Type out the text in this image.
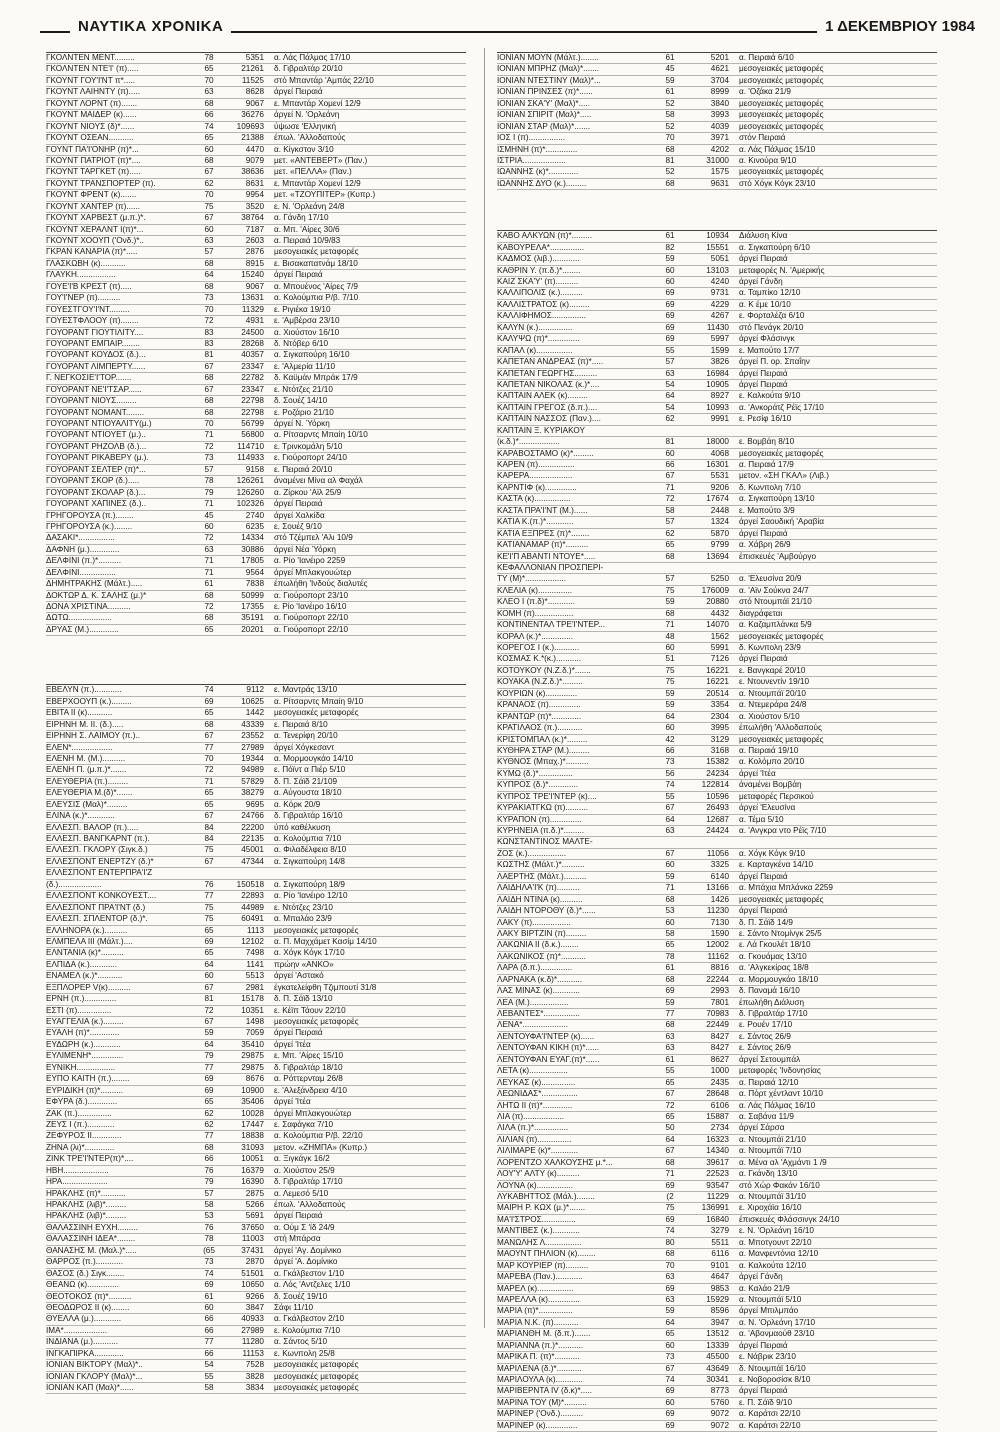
ΝΑΥΤΙΚΑ ΧΡΟΝΙΚΑ	1 ΔΕΚΕΜΒΡΙΟΥ 1984
ΓΚΟΛΝΤΕΝ ΜΕΝΤ.........	78	5351	α. Λάς Πάλμας 17/10
ΓΚΟΛΝΤΕΝ ΝΤΕ'Ι' (π).....	65	21261	δ. Γιβραλτάρ 20/10
ΓΚΟΥΝΤ ΓΟΥ'Ι'ΝΤ π*.....	70	11525	στό Μπαντάρ 'Αμπάς 22/10
ΓΚΟΥΝΤ ΛΑΙΗΝΤΥ (π).....	63	8628	άργεί Πειραιά
ΓΚΟΥΝΤ ΛΟΡΝΤ (π).......	68	9067	ε. Μπαντάρ Χομενί 12/9
ΓΚΟΥΝΤ ΜΑΙΔΕΡ (κ)......	66	36276	άργεί Ν. 'Ορλεάνη
ΓΚΟΥΝΤ ΝΙΟΥΣ (δ)*......	74	109693	ύψωσε 'Ελληνική
ΓΚΟΥΝΤ ΟΣΕΑΝ...........	65	21388	έπωλ. 'Αλλοδαπούς
ΓΟΥΝΤ ΠΑ'Ι'ΟΝΗΡ (π)*...	60	4470	α. Κίγκστον 3/10
ΓΚΟΥΝΤ ΠΑΤΡΙΟΤ (π)*....	68	9079	μετ. «ΑΝΤΕΒΕΡΤ» (Παν.)
ΓΚΟΥΝΤ ΤΑΡΓΚΕΤ (π).....	67	38636	μετ. «ΠΕΛΛΑ» (Παν.)
ΓΚΟΥΝΤ ΤΡΑΝΣΠΟΡΤΕΡ (π).	62	8631	ε. Μπαντάρ Χομενί 12/9
ΓΚΟΥΝΤ ΦΡΕΝΤ (κ).......	70	9954	μετ. «ΤΖΟΥΠΙΤΕΡ» (Κυπρ.)
ΓΚΟΥΝΤ ΧΑΝΤΕΡ (π)......	75	3520	ε. Ν. 'Ορλεάνη 24/8
ΓΚΟΥΝΤ ΧΑΡΒΕΣΤ (μ.π.)*.	67	38764	α. Γάνδη 17/10
ΓΚΟΥΝΤ ΧΕΡΑΛΝΤ Ι(π)*...	60	7187	α. Μπ. 'Αίρες 30/6
ΓΚΟΥΝΤ ΧΟΟΥΠ ('Ονδ.)*..	63	2603	α. Πειραιά 10/9/83
ΓΚΡΑΝ ΚΑΝΑΡΙΑ (π)*.....	57	2876	μεσογειακές μεταφορές
ΓΛΑΣΚΩΒΗ (κ)...........	68	8915	ε. Βισακαπατνάμ 18/10
ΓΛΑΥΚΗ.................	64	15240	άργεί Πειραιά
ΓΟΥΕ'Ι'Β ΚΡΕΣΤ (π).....	68	9067	α. Μπουένος 'Αίρες 7/9
ΓΟΥ'Ι'ΝΕΡ (π)..........	73	13631	α. Κολούμπια Ρ/β. 7/10
ΓΟΥΕΣΤΓΟΥ'Ι'ΝΤ.........	70	11329	ε. Ριγιέκα 19/10
ΓΟΥΕΣΤΦΛΟΟΥ (π)........	72	4931	ε. 'Αμβέρσα 23/10
ΓΟΥΟΡΑΝΤ ΓΙΟΥΤΙΛΙΤΥ....	83	24500	α. Χιούστον 16/10
ΓΟΥΟΡΑΝΤ ΕΜΠΑΙΡ........	83	28268	δ. Ντόβερ 6/10
ΓΟΥΟΡΑΝΤ ΚΟΥΔΟΣ (δ.)...	81	40357	α. Σιγκαπούρη 16/10
ΓΟΥΟΡΑΝΤ ΛΙΜΠΕΡΤΥ......	67	23347	ε. 'Αλμερία 11/10
Γ. ΝΕΓΚΟΣΙΕ'Ι'ΤΟΡ.......	68	22782	δ. Καϋμάν Μπράκ 17/9
ΓΟΥΟΡΑΝΤ ΝΕ'Ι'ΤΣΑΡ......	67	23347	ε. Ντότζες 21/10
ΓΟΥΟΡΑΝΤ ΝΙΟΥΣ.........	68	22798	δ. Σουέζ 14/10
ΓΟΥΟΡΑΝΤ ΝΟΜΑΝΤ........	68	22798	ε. Ροζάριο 21/10
ΓΟΥΟΡΑΝΤ ΝΤΙΟΥΑΛΙΤΥ(μ.)	70	56799	άργεί Ν. Ύόρκη
ΓΟΥΟΡΑΝΤ ΝΤΙΟΥΕΤ (μ.)..	71	56800	α. Ρίτσαρντς Μπαίη 10/10
ΓΟΥΟΡΑΝΤ ΡΗΖΟΛΒ (δ.)...	72	114710	ε. Τρινκομάλη 5/10
ΓΟΥΟΡΑΝΤ ΡΙΚΑΒΕΡΥ (μ.).	73	114933	ε. Γιούροπορτ 24/10
ΓΟΥΟΡΑΝΤ ΣΕΛΤΕΡ (π)*...	57	9158	ε. Πειραιά 20/10
ΓΟΥΟΡΑΝΤ ΣΚΟΡ (δ.).....	78	126261	άναμένει Μίνα αλ Φαχάλ
ΓΟΥΟΡΑΝΤ ΣΚΟΛΑΡ (δ.)...	79	126260	α. Ζίρκου 'Αϊλ 25/9
ΓΟΥΟΡΑΝΤ ΧΑΠΙΝΕΣ (δ.)..	71	102326	άργεί Πειραιά
ΓΡΗΓΟΡΟΥΣΑ (π.)........	45	2740	άργεί Χαλκίδα
ΓΡΗΓΟΡΟΥΣΑ (κ.)........	60	6235	ε. Σουέζ 9/10
ΔΑΣΑΚΙ*................	72	14334	στό Τζέμπελ 'Αλι 10/9
ΔΑΦΝΗ (μ.).............	63	30886	άργεί Νέα Ύόρκη
ΔΕΛΦΙΝΙ (π.)*..........	71	17805	α. Ρίο 'Ιανέιρο 2259
ΔΕΛΦΙΝΙ................	71	9564	άργεί Μπλακγουώτερ
ΔΗΜΗΤΡΑΚΗΣ (Μάλτ.).....	61	7838	έπωλήθη 'Ινδούς διαλυτές
ΔΟΚΤΩΡ Δ. Κ. ΣΑΛΗΣ (μ.)*	68	50999	α. Γιούροπορτ 23/10
ΔΟΝΑ ΧΡΙΣΤΙΝΑ..........	72	17355	ε. Ρίο 'Ιανέιρο 16/10
ΔΩΤΩ...................	68	35191	α. Γιούροπορτ 22/10
ΔΡΥΑΣ (Μ.).............	65	20201	α. Γιούροπορτ 22/10
ΕΒΕΛΥΝ (π.)............	74	9112	ε. Μαντράς 13/10
ΕΒΕΡΧΟΟΥΠ (κ.).........	69	10625	α. Ρίτσαρντς Μπαίη 9/10
ΕΒΙΤΑ ΙΙ (κ)...........	65	1442	μεσογειακές μεταφορές
ΕΙΡΗΝΗ Μ. ΙΙ. (δ.).....	68	43339	ε. Πειραιά 8/10
ΕΙΡΗΝΗ Σ. ΛΑΙΜΟΥ (π.)..	67	23552	α. Τενερίφη 20/10
ΕΛΕΝ*..................	77	27989	άργεί Χόγκεσαντ
ΕΛΕΝΗ Μ. (Μ.)..........	70	19344	α. Μορμουγκάο 14/10
ΕΛΕΝΗ Π. (μ.π.)*.......	72	94989	ε. Πόϊντ α Πιέρ 5/10
ΕΛΕΥΘΕΡΙΑ (π.).........	71	57829	δ. Π. Σάϊδ 21/109
ΕΛΕΥΘΕΡΙΑ Μ.(δ)*.......	65	38279	α. Αύγουστα 18/10
ΕΛΕΥΣΙΣ (Μαλ)*.........	65	9695	α. Κόρκ 20/9
ΕΛΙΝΑ (κ.)*............	67	24766	δ. Γιβραλτάρ 16/10
ΕΛΛΕΣΠ. ΒΑΛΟΡ (π.).....	84	22200	ύπό καθέλκυση
ΕΛΛΕΣΠ. ΒΑΝΓΚΑΡΝΤ (π.).	84	22135	α. Κολούμπια 7/10
ΕΛΛΕΣΠ. ΓΚΛΟΡΥ (Σιγκ.δ.)	75	45001	α. Φιλαδέλφεια 8/10
ΕΛΛΕΣΠΟΝΤ ΕΝΕΡΤΖΥ (δ.)*	67	47344	α. Σιγκαπούρη 14/8
ΕΛΛΕΣΠΟΝΤ ΕΝΤΕΡΠΡΑ'Ι'Ζ
(δ.)...................	76	150518	α. Σιγκαπούρη 18/9
ΕΛΛΕΣΠΟΝΤ ΚΟΝΚΟΥΕΣΤ....	77	22893	α. Ρίο 'Ιανέιρο 12/10
ΕΛΛΕΣΠΟΝΤ ΠΡΑ'Ι'ΝΤ (δ.)	75	44989	ε. Ντότζες 23/10
ΕΛΛΕΣΠ. ΣΠΛΕΝΤΟΡ (δ.)*.	75	60491	α. Μπαλάο 23/9
ΕΛΛΗΝΟΡΑ (κ.)..........	65	1113	μεσογειακές μεταφορές
ΕΛΜΠΕΛΑ ΙΙΙ (Μάλτ.)....	69	12102	α. Π. Μαχχάμετ Κασίμ 14/10
ΕΛΝΤΑΝΙΑ (κ)*..........	65	7498	α. Χόγκ Κόγκ 17/10
ΕΛΠΙΔΑ (κ.)............	64	1141	πρώην «ΑΝΚΟ»
ΕΝΑΜΕΛ (κ.)*...........	60	5513	άργεί 'Αστακό
ΕΞΠΛΟΡΕΡ V(κ)..........	67	2981	έγκατελείφθη Τζιμπουτί 31/8
ΕΡΝΗ (π.)..............	81	15178	δ. Π. Σάϊδ 13/10
ΕΣΤΙ (π)...............	72	10351	ε. Κέϊπ Τάουν 22/10
ΕΥΑΓΓΕΛΙΑ (κ.).........	67	1498	μεσογειακές μεταφορές
ΕΥΑΛΗ (π)*.............	59	7059	άργεί Πειραιά
ΕΥΔΩΡΗ (κ.)............	64	35410	άργεί 'Ιτέα
ΕΥΛΙΜΕΝΗ*..............	79	29875	ε. Μπ. 'Αίρες 15/10
ΕΥΝΙΚΗ.................	77	29875	δ. Γιβραλτάρ 18/10
ΕΥΠΟ ΚΑΙΤΗ (π.)........	69	8676	α. Ρόττερνταμ 26/8
ΕΥΡΙΔΙΚΗ (π)*..........	69	10900	ε. 'Αλεξάνδρεια 4/10
ΕΦΥΡΑ (δ.).............	65	35406	άργεί 'Ιτέα
ΖΑΚ (π.)...............	62	10028	άργεί Μπλακγουώτερ
ΖΕΥΣ Ι (π.)............	62	17447	ε. Σαφάγκα 7/10
ΖΕΦΥΡΟΣ ΙΙ.............	77	18838	α. Κολούμπια Ρ/β. 22/10
ΖΗΝΑ (λι)*.............	68	31093	μετον. «ΖΗΜΠΑ» (Κυπρ.)
ΖΙΝΚ ΤΡΕ'Ι'ΝΤΕΡ(π)*....	66	10051	α. Ξιγκάγκ 16/2
ΗΒΗ....................	76	16379	α. Χιούστον 25/9
ΗΡΑ....................	79	16390	δ. Γιβραλτάρ 17/10
ΗΡΑΚΛΗΣ (π)*...........	57	2875	α. Λεμεσό 5/10
ΗΡΑΚΛΗΣ (λιβ)*.........	58	5266	έπωλ. 'Αλλοδαπούς
ΗΡΑΚΛΗΣ (λιβ)*.........	53	5691	άργεί Πειραιά
ΘΑΛΑΣΣΙΝΗ ΕΥΧΗ.........	76	37650	α. Ούμ Σ 'ίδ 24/9
ΘΑΛΑΣΣΙΝΗ ΙΔΕΑ*........	78	11003	στή Μπάρσα
ΘΑΝΑΣΗΣ Μ. (Μαλ.)*.....	(65	37431	άργεί 'Αγ. Δομίνικο
ΘΑΡΡΟΣ (π.)............	73	2870	άργεί 'Α. Δομίνικο
ΘΑΣΟΣ (δ.) Σιγκ........	74	51501	α. Γκάλβεστον 1/10
ΘΕΑΝΩ (κ)..............	69	10650	α. Λός 'Αντζελες 1/10
ΘΕΟΤΟΚΟΣ (π)*..........	61	9266	δ. Σουέζ 19/10
ΘΕΟΔΩΡΟΣ ΙΙ (κ)........	60	3847	Σάφι 11/10
ΘΥΕΛΛΑ (μ.)............	66	40933	α. Γκάλβεστον 2/10
ΙΜΑ*...................	66	27989	ε. Κολούμπια 7/10
ΙΝΔΙΑΝΑ (μ.)...........	77	11280	α. Σάντος 5/10
ΙΝΓΚΑΠΙΡΚΑ.............	66	11153	ε. Κωνπολη 25/8
ΙΟΝΙΑΝ ΒΙΚΤΟΡΥ (Μαλ)*..	54	7528	μεσογειακές μεταφορές
ΙΟΝΙΑΝ ΓΚΛΟΡΥ (Μαλ)*...	55	3828	μεσογειακές μεταφορές
ΙΟΝΙΑΝ ΚΑΠ (Μαλ)*......	58	3834	μεσογειακές μεταφορές
ΙΟΝΙΑΝ ΜΟΥΝ (Μάλτ.)........	61	5201	α. Πειραιά 6/10
ΙΟΝΙΑΝ ΜΠΡΗΖ (Μαλ)*.......	45	4621	μεσογειακές μεταφορές
ΙΟΝΙΑΝ ΝΤΕΣΤΙΝΥ (Μαλ)*...	59	3704	μεσογειακές μεταφορές
ΙΟΝΙΑΝ ΠΡΙΝΣΕΣ (π)*......	61	8999	α. 'Οζάκα 21/9
ΙΟΝΙΑΝ ΣΚΑ'Υ' (Μαλ)*.....	52	3840	μεσογειακές μεταφορές
ΙΟΝΙΑΝ ΣΠΙΡΙΤ (Μαλ)*.....	58	3993	μεσογειακές μεταφορές
ΙΟΝΙΑΝ ΣΤΑΡ (Μαλ)*.......	52	4039	μεσογειακές μεταφορές
ΙΟΣ Ι (π)................	70	3971	στόν Πειραιά
ΙΣΜΗΝΗ (π)*..............	68	4202	α. Λάς Πάλμας 15/10
ΙΣΤΡΙΑ...................	81	31000	α. Κινούρα 9/10
ΙΩΑΝΝΗΣ (κ)*.............	52	1575	μεσογειακές μεταφορές
ΙΩΑΝΝΗΣ ΔΥΟ (κ.).........	68	9631	στό Χόγκ Κόγκ 23/10
ΚΑΒΟ ΑΛΚΥΩΝ (π)*.........	61	10934	Διάλυση Κίνα
ΚΑΒΟΥΡΕΛΑ*...............	82	15551	α. Σιγκαπούρη 6/10
ΚΑΔΜΟΣ (λιβ.)............	59	5051	άργεί Πειραιά
ΚΑΘΡΙΝ Υ. (π.δ.)*........	60	13103	μεταφορές Ν. 'Αμερικής
ΚΑΙΖ ΣΚΑ'Υ' (π)..........	60	4240	άργεί Γάνδη
ΚΑΛΛΙΠΟΛΙΣ (κ.)..........	69	9731	α. Ταμπίκο 12/10
ΚΑΛΛΙΣΤΡΑΤΟΣ (κ).........	69	4229	α. Κ έμε 10/10
ΚΑΛΛΙΦΗΜΟΣ...............	69	4267	ε. Φορταλέζα 6/10
ΚΑΛΥΝ (κ.)...............	69	11430	στό Πενάγκ 20/10
ΚΑΛΥΨΩ (π)*..............	69	5997	άργεί Φλάσινγκ
ΚΑΠΑΛ (κ)................	55	1599	ε. Μαπούτο 17/7
ΚΑΠΕΤΑΝ ΑΝΔΡΕΑΣ (π)*.....	57	3826	άργεί Π. ορ. Σπαΐην
ΚΑΠΕΤΑΝ ΓΕΩΡΓΗΣ..........	63	16984	άργεί Πειραιά
ΚΑΠΕΤΑΝ ΝΙΚΟΛΑΣ (κ.)*....	54	10905	άργεί Πειραιά
ΚΑΠΤΑΙΝ ΑΛΕΚ (κ).........	64	8927	ε. Καλκούτα 9/10
ΚΑΠΤΑΙΝ ΓΡΕΓΟΣ (δ.π.)....	54	10993	α. 'Ανκοράτζ Ρέϊς 17/10
ΚΑΠΤΑΙΝ ΝΑΣΣΟΣ (Παν.)....	62	9991	ε. Ρεσίφ 16/10
ΚΑΠΤΑΙΝ Ξ. ΚΥΡΙΑΚΟΥ
(κ.δ.)*..................	81	18000	ε. Βομβάη 8/10
ΚΑΡΑΒΟΣΤΑΜΟ (κ)*.........	60	4068	μεσογειακές μεταφορές
ΚΑΡΕΝ (π)................	66	16301	α. Πειραιά 17/9
ΚΑΡΕΡΑ...................	67	5531	μετον. «ΣΗ ΓΚΑΛ» (Λιβ.)
ΚΑΡΝΤΙΦ (κ)..............	71	9206	δ. Κωνπολη 7/10
ΚΑΣΤΑ (κ)................	72	17674	α. Σιγκαπούρη 13/10
ΚΑΣΤΑ ΠΡΑ'Ι'ΝΤ (Μ.)......	58	2448	ε. Μαπούτο 3/9
ΚΑΤΙΑ Κ.(π.)*............	57	1324	άργεί Σαουδική 'Αραβία
ΚΑΤΙΑ ΕΞΠΡΕΣ (π)*........	62	5870	άργεί Πειραιά
ΚΑΤΙΑΝΑΜΑΡ (π)*..........	65	9799	α. Χάβρη 26/9
ΚΕ'Ι'Π ΑΒΑΝΤΙ ΝΤΟΥΕ*.....	68	13694	έπισκευές 'Αμβούργο
ΚΕΦΑΛΛΟΝΙΑΝ ΠΡΟΣΠΕΡΙ-
ΤΥ (Μ)*..................	57	5250	α. 'Ελευσίνα 20/9
ΚΛΕΛΙΑ (κ)...............	75	176009	α. 'Αϊν Σούκνα 24/7
ΚΛΕΟ Ι (π.δ)*............	59	20880	στό Ντουμπάϊ 21/10
ΚΟΜΗ (π).................	68	4432	διαγράφεται
ΚΟΝΤΙΝΕΝΤΑΛ ΤΡΕ'Ι'ΝΤΕΡ...	71	14070	α. Καζαμπλάνκα 5/9
ΚΟΡΑΛ (κ.)*..............	48	1562	μεσογειακές μεταφορές
ΚΟΡΕΓΟΣ Ι (κ.)...........	60	5991	δ. Κωνπολη 23/9
ΚΟΣΜΑΣ Κ.*(κ.)...........	51	7126	άργεί Πειραιά
ΚΟΤΟΥΚΟΥ (Ν.Ζ.δ.)*.......	75	16221	ε. Βανγκαρέ 20/10
ΚΟΥΑΚΑ (Ν.Ζ.δ.)*.........	75	16221	ε. Ντουνεντίν 19/10
ΚΟΥΡΙΩΝ (κ)..............	59	20514	α. Ντουμπάϊ 20/10
ΚΡΑΝΑΟΣ (π)..............	59	3354	α. Ντεμεράρα 24/8
ΚΡΑΝΤΩΡ (π)*.............	64	2304	α. Χιούστον 5/10
ΚΡΑΤΙΛΑΟΣ (π.)...........	60	3995	έπωλήθη 'Αλλοδαπούς
ΚΡΙΣΤΟΜΠΑΛ (κ.)*.........	42	3129	μεσογειακές μεταφορές
ΚΥΘΗΡΑ ΣΤΑΡ (Μ.).........	66	3168	α. Πειραιά 19/10
ΚΥΘΝΟΣ (Μπαχ.)*..........	73	15382	α. Κολόμπο 20/10
ΚΥΜΩ (δ.)*...............	56	24234	άργεί 'Ιτέα
ΚΥΠΡΟΣ (δ.)*.............	74	122814	άναμένει Βομβάη
ΚΥΠΡΟΣ ΤΡΕ'Ι'ΝΤΕΡ (κ)....	55	10596	μεταφορές Περσικού
ΚΥΡΑΚΙΑΤΓΚΩ (π)..........	67	26493	άργεί 'Ελευσίνα
ΚΥΡΑΠΟΝ (π)..............	64	12687	α. Τέμα 5/10
ΚΥΡΗΝΕΙΑ (π.δ.)*.........	63	24424	α. 'Ανγκρα ντο Ρέϊς 7/10
ΚΩΝΣΤΑΝΤΙΝΟΣ ΜΑΛΤΕ-
ΖΟΣ (κ.).................	67	11056	α. Χόγκ Κόγκ 9/10
ΚΩΣΤΗΣ (Μάλτ.)*..........	60	3325	ε. Καρταγκένα 14/10
ΛΑΕΡΤΗΣ (Μάλτ.)..........	59	6140	άργεί Πειραιά
ΛΑΙΔΗΛΑ'Ι'Κ (π)..........	71	13166	α. Μπάχια Μπλάνκα 2259
ΛΑΙΔΗ ΝΤΙΝΑ (κ)..........	68	1426	μεσογειακές μεταφορές
ΛΑΙΔΗ ΝΤΟΡΟΘΥ (δ.)*......	53	11230	άργεί Πειραιά
ΛΑΚΥ (π).................	60	7130	δ. Π. Σάϊδ 14/9
ΛΑΚΥ ΒΙΡΤΖΙΝ (π).........	58	1590	ε. Σάντο Ντομίνγκ 25/5
ΛΑΚΩΝΙΑ ΙΙ (δ.κ.)........	65	12002	ε. Λά Γκουλέτ 18/10
ΛΑΚΩΝΙΚΟΣ (π)*...........	78	11162	α. Γκουάμας 13/10
ΛΑΡΑ (δ.π.)..............	61	8816	α. 'Αλγκεκίρας 18/8
ΛΑΡΝΑΚΑ (κ.δ)*...........	68	22244	α. Μορμουγκάο 18/10
ΛΑΣ ΜΙΝΑΣ (κ)............	69	2993	δ. Παναμά 16/10
ΛΕΑ (Μ.).................	59	7801	έπωλήθη Διάλυση
ΛΕΒΑΝΤΕΣ*................	77	70983	δ. Γιβραλτάρ 17/10
ΛΕΝΑ*....................	68	22449	ε. Ρουέν 17/10
ΛΕΝΤΟΥΦΑ'Ι'ΝΤΕΡ (κ)......	63	8427	ε. Σάντος 26/9
ΛΕΝΤΟΥΦΑΝ ΚΙΚΗ (π)*......	63	8427	ε. Σάντος 26/9
ΛΕΝΤΟΥΦΑΝ ΕΥΑΓ.(π)*......	61	8627	άργεί Σετουμπάλ
ΛΕΤΑ (κ).................	55	1000	μεταφορές 'Ινδονησίας
ΛΕΥΚΑΣ (κ)...............	65	2435	α. Πειραιά 12/10
ΛΕΩΝΙΔΑΣ*................	67	28648	α. Πόρτ χέντλαντ 10/10
ΛΗΤΩ ΙΙ (π)*.............	72	6106	α. Λάς Πάλμας 16/10
ΛΙΑ (π)..................	65	15887	α. Σαβάνα 11/9
ΛΙΛΑ (π.)*...............	50	2734	άργεί Σάρσα
ΛΙΛΙΑΝ (π)...............	64	16323	α. Ντουμπάϊ 21/10
ΛΙΛΙΜΑΡΕ (κ)*............	67	14340	α. Ντουμπάϊ 7/10
ΛΟΡΕΝΤΖΟ ΧΑΛΚΟΥΣΗΣ μ.*...	68	39617	α. Μένα αλ 'Αχμάντι 1 /9
ΛΟΥ'Υ' ΑΛΤΥ (κ)..........	71	22523	α. Γκάνδη 13/10
ΛΟΥΝΑ (κ)................	69	93547	στό Χώρ Φακάν 16/10
ΛΥΚΑΒΗΤΤΟΣ (Μάλ.)........	(2	11229	α. Ντουμπάϊ 31/10
ΜΑΙΡΗ Ρ. ΚΩΧ (μ.)*.......	75	136991	ε. Χιροχάϊα 16/10
ΜΑ'Ι'ΣΤΡΟΣ...............	69	16840	έπισκευές Φλάσσινγκ 24/10
ΜΑΝΤΙΒΕΣ (κ.)............	74	3279	ε. Ν. 'Ορλεάνη 16/10
ΜΑΝΩΛΗΣ Λ................	80	5511	α. Μποτγουντ 22/10
ΜΑΟΥΝΤ ΠΗΛΙΟΝ (κ)........	68	6116	α. Μανφεντόνια 12/10
ΜΑΡ ΚΟΥΡΙΕΡ (π)..........	70	9101	α. Καλκούτα 12/10
ΜΑΡΕΒΑ (Παν.)............	63	4647	άργεί Γάνδη
ΜΑΡΕΛ (κ)................	69	9853	α. Καλάο 21/9
ΜΑΡΕΛΛΑ (κ)..............	63	15929	α. Ντουμπάϊ 5/10
ΜΑΡΙΑ (π)*...............	59	8596	άργεί Μπιλμπάο
ΜΑΡΙΑ Ν.Κ. (π)...........	64	3947	α. Ν. 'Ορλεάνη 17/10
ΜΑΡΙΑΝΘΗ Μ. (δ.π.).......	65	13512	α. 'Αβονμαούθ 23/10
ΜΑΡΙΑΝΝΑ (π.)*...........	60	13339	άργεί Πειραιά
ΜΑΡΙΚΑ Π. (π)*...........	73	45500	ε. Νάβρικ 23/10
ΜΑΡΙΛΕΝΑ (δ.)*...........	67	43649	δ. Ντουμπάϊ 16/10
ΜΑΡΙΛΟΥΛΑ (κ)............	74	30341	ε. Νοβοροσίσκ 8/10
ΜΑΡΙΒΕΡΝΤΑ IV (δ.κ)*.....	69	8773	άργεί Πειραιά
ΜΑΡΙΝΑ ΤΟΥ (Μ)*..........	60	5760	ε. Π. Σάϊδ 9/10
ΜΑΡΙΝΕΡ ('Ονδ.)..........	69	9072	α. Καράτσι 22/10
ΜΑΡΙΝΕΡ (κ)..............	69	9072	α. Καράτσι 22/10
